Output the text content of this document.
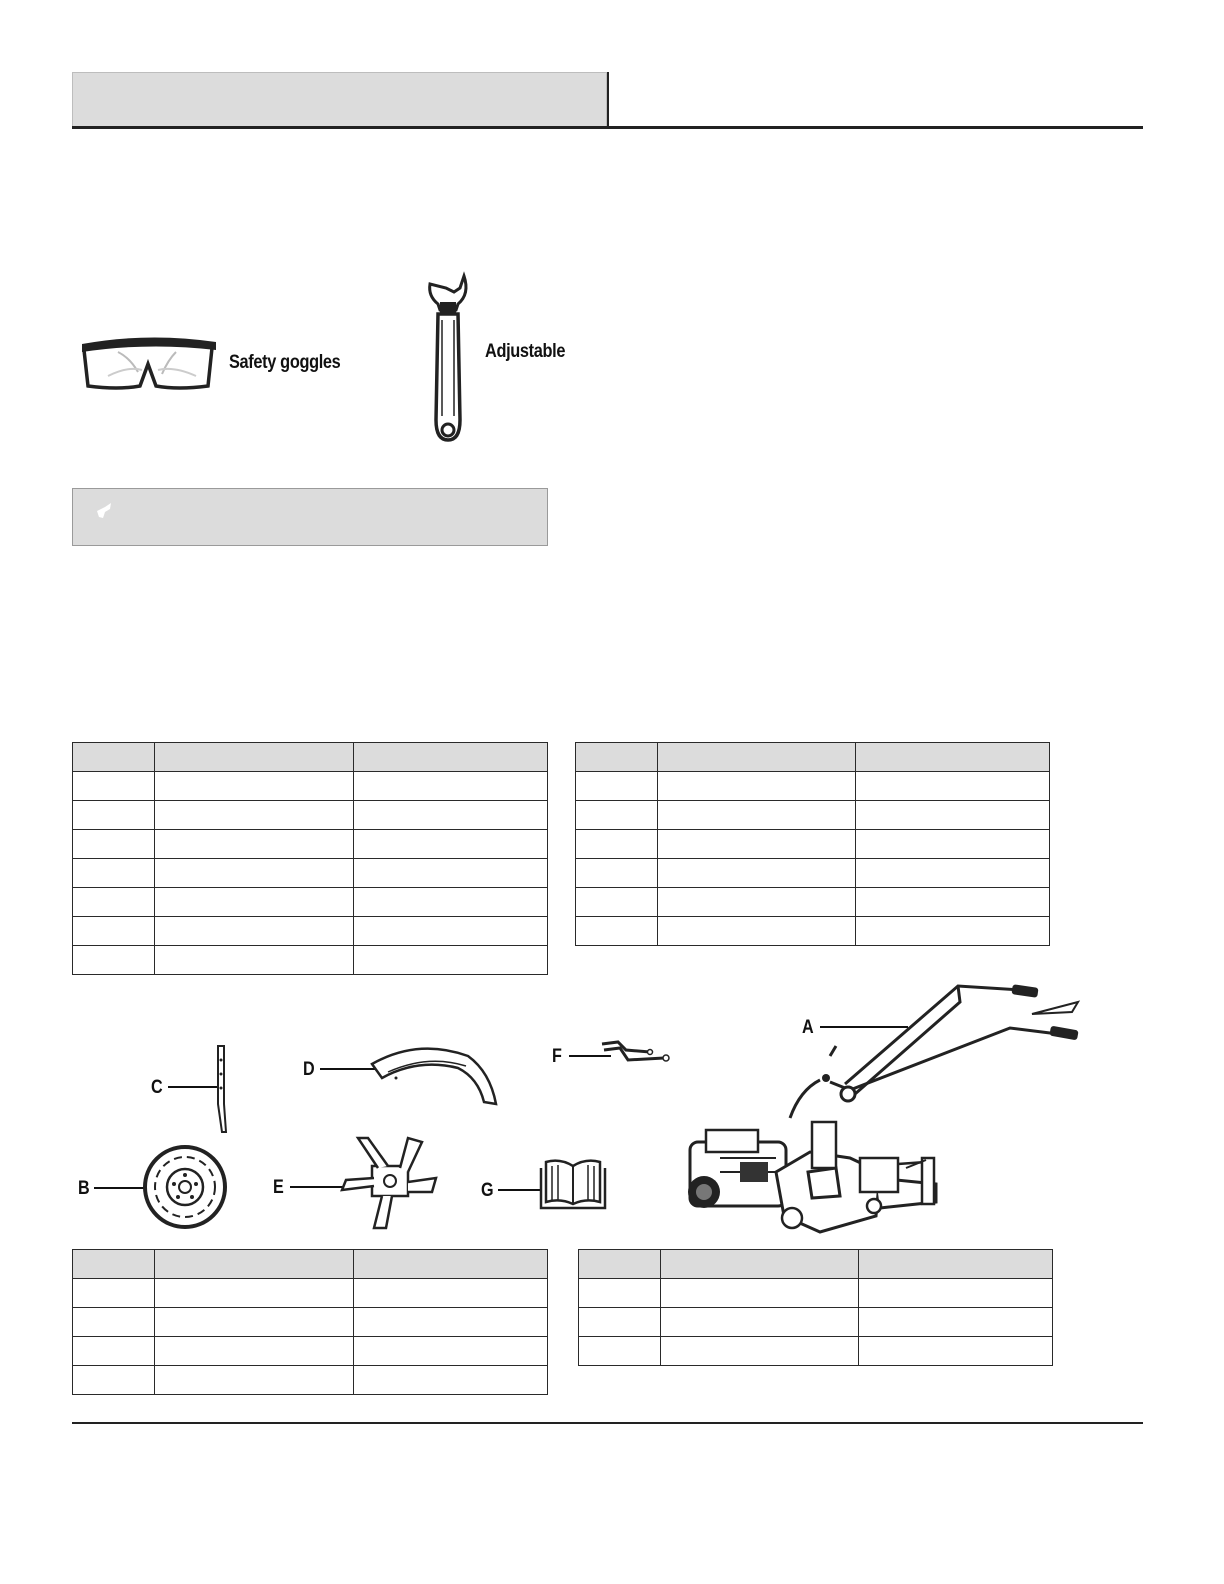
Safety goggles
Adjustable

A
B
C
D
E
F
G
